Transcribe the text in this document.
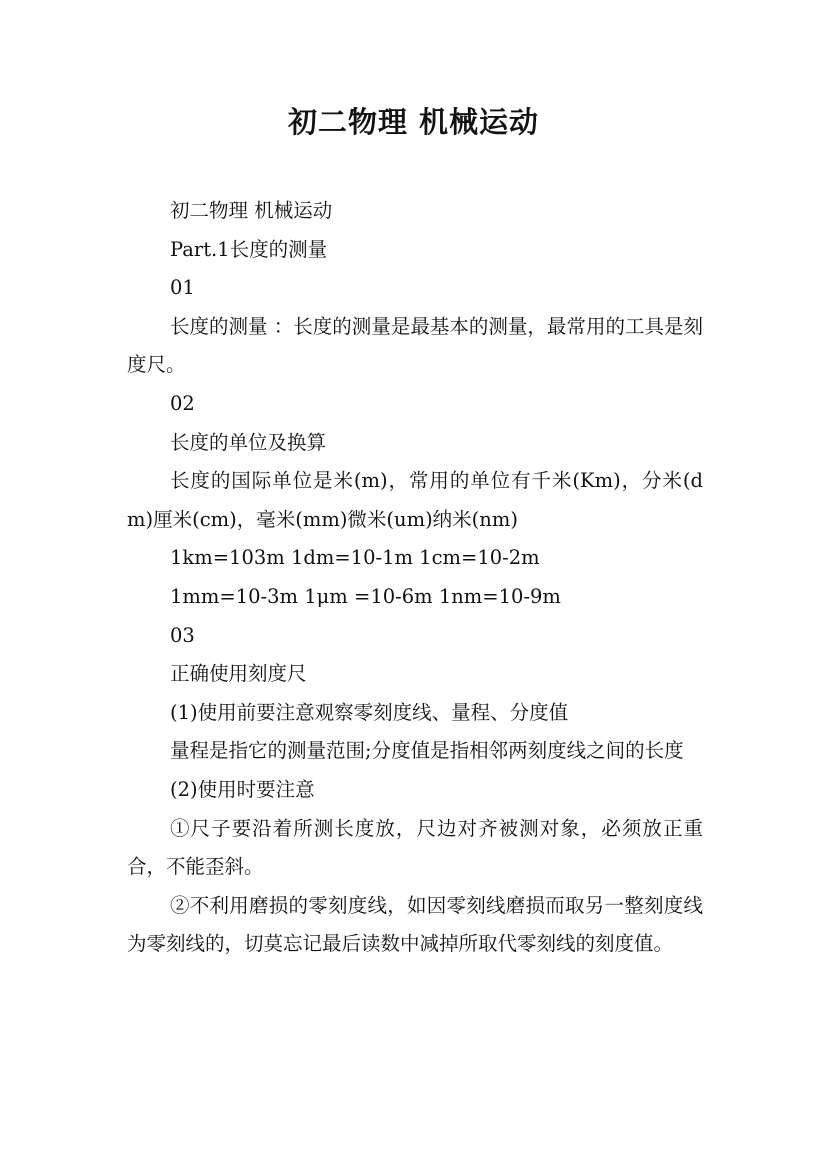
初二物理 机械运动

初二物理 机械运动

Part.1长度的测量

01

长度的测量 ：长度的测量是最基本的测量，最常用的工具是刻度尺。

02

长度的单位及换算

长度的国际单位是米(m)，常用的单位有千米(Km)，分米(dm)厘米(cm)，毫米(mm)微米(um)纳米(nm)

1km=103m 1dm=10-1m 1cm=10-2m

1mm=10-3m 1μm =10-6m 1nm=10-9m

03

正确使用刻度尺

(1)使用前要注意观察零刻度线、量程、分度值

量程是指它的测量范围;分度值是指相邻两刻度线之间的长度

(2)使用时要注意

①尺子要沿着所测长度放，尺边对齐被测对象，必须放正重合，不能歪斜。

②不利用磨损的零刻度线，如因零刻线磨损而取另一整刻度线为零刻线的，切莫忘记最后读数中减掉所取代零刻线的刻度值。
